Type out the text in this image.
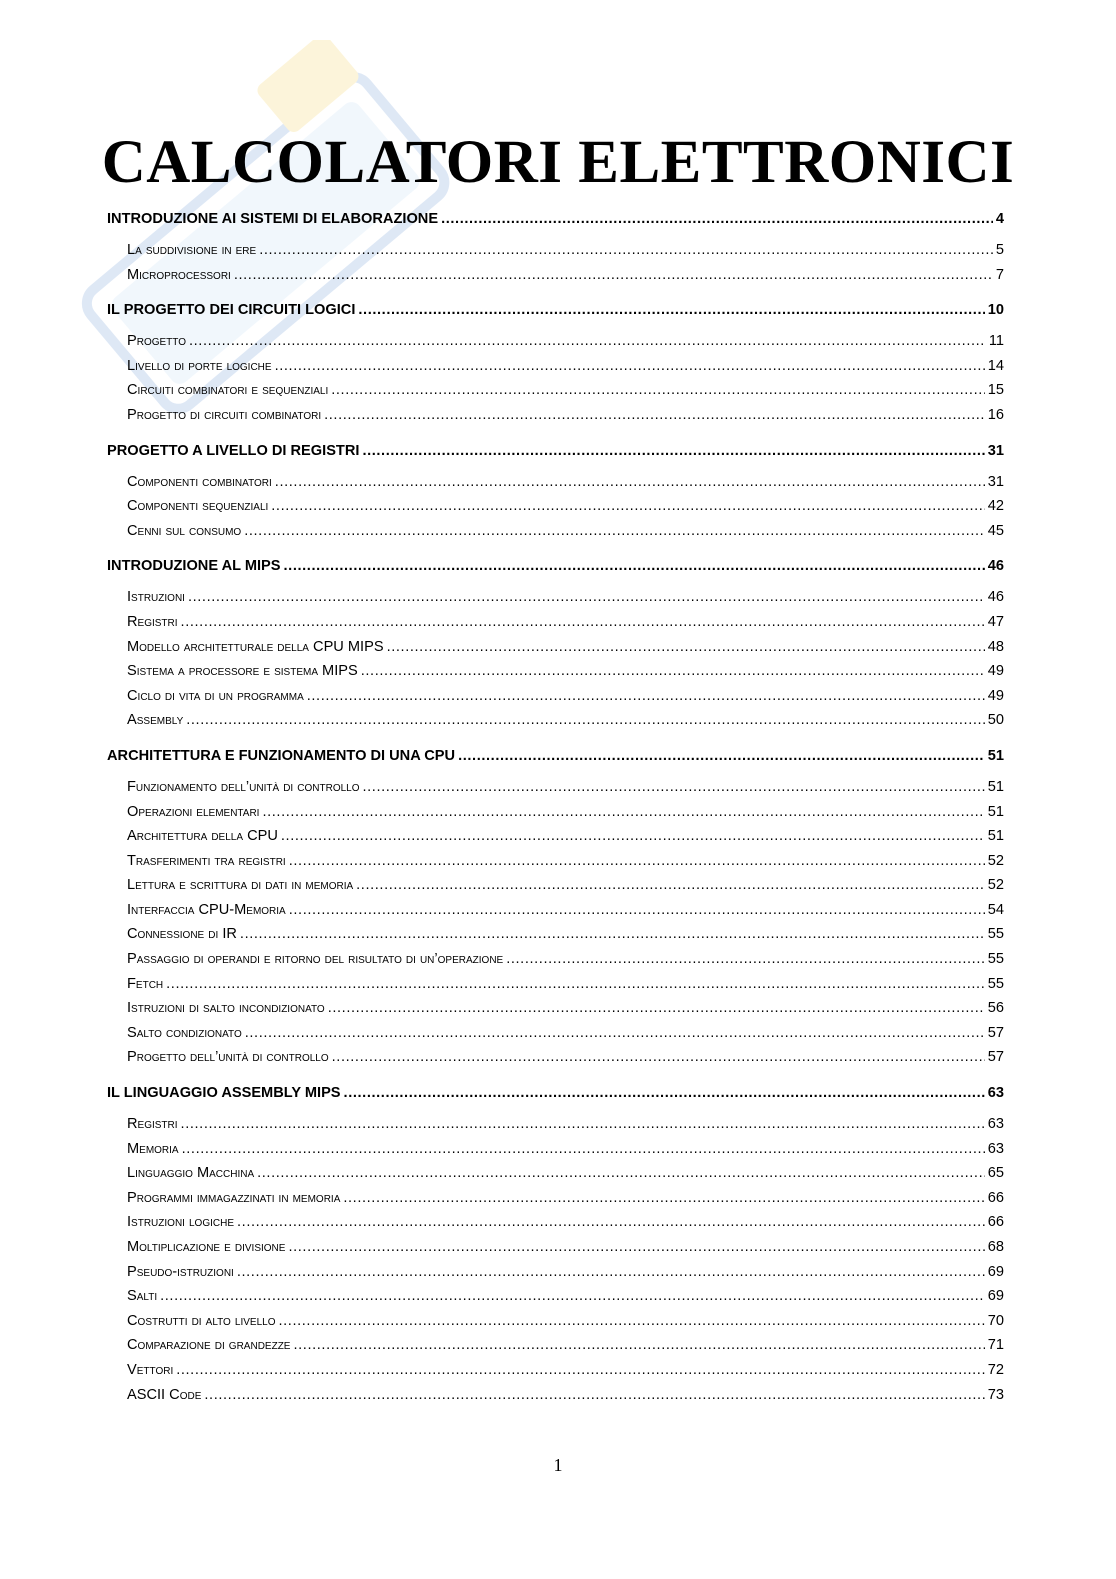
CALCOLATORI ELETTRONICI
INTRODUZIONE AI SISTEMI DI ELABORAZIONE .....	4
La suddivisione in ere .....	5
Microprocessori .....	7
IL PROGETTO DEI CIRCUITI LOGICI .....	10
Progetto .....	11
Livello di porte logiche .....	14
Circuiti combinatori e sequenziali .....	15
Progetto di circuiti combinatori .....	16
PROGETTO A LIVELLO DI REGISTRI .....	31
Componenti combinatori .....	31
Componenti sequenziali .....	42
Cenni sul consumo .....	45
INTRODUZIONE AL MIPS .....	46
Istruzioni .....	46
Registri .....	47
Modello architetturale della CPU MIPS .....	48
Sistema a processore e sistema MIPS .....	49
Ciclo di vita di un programma .....	49
Assembly .....	50
ARCHITETTURA E FUNZIONAMENTO DI UNA CPU .....	51
Funzionamento dell’unità di controllo .....	51
Operazioni elementari .....	51
Architettura della CPU .....	51
Trasferimenti tra registri .....	52
Lettura e scrittura di dati in memoria .....	52
Interfaccia CPU-Memoria .....	54
Connessione di IR .....	55
Passaggio di operandi e ritorno del risultato di un’operazione .....	55
Fetch .....	55
Istruzioni di salto incondizionato .....	56
Salto condizionato .....	57
Progetto dell’unità di controllo .....	57
IL LINGUAGGIO ASSEMBLY MIPS .....	63
Registri .....	63
Memoria .....	63
Linguaggio Macchina .....	65
Programmi immagazzinati in memoria .....	66
Istruzioni logiche .....	66
Moltiplicazione e divisione .....	68
Pseudo-istruzioni .....	69
Salti .....	69
Costrutti di alto livello .....	70
Comparazione di grandezze .....	71
Vettori .....	72
ASCII Code .....	73
1
